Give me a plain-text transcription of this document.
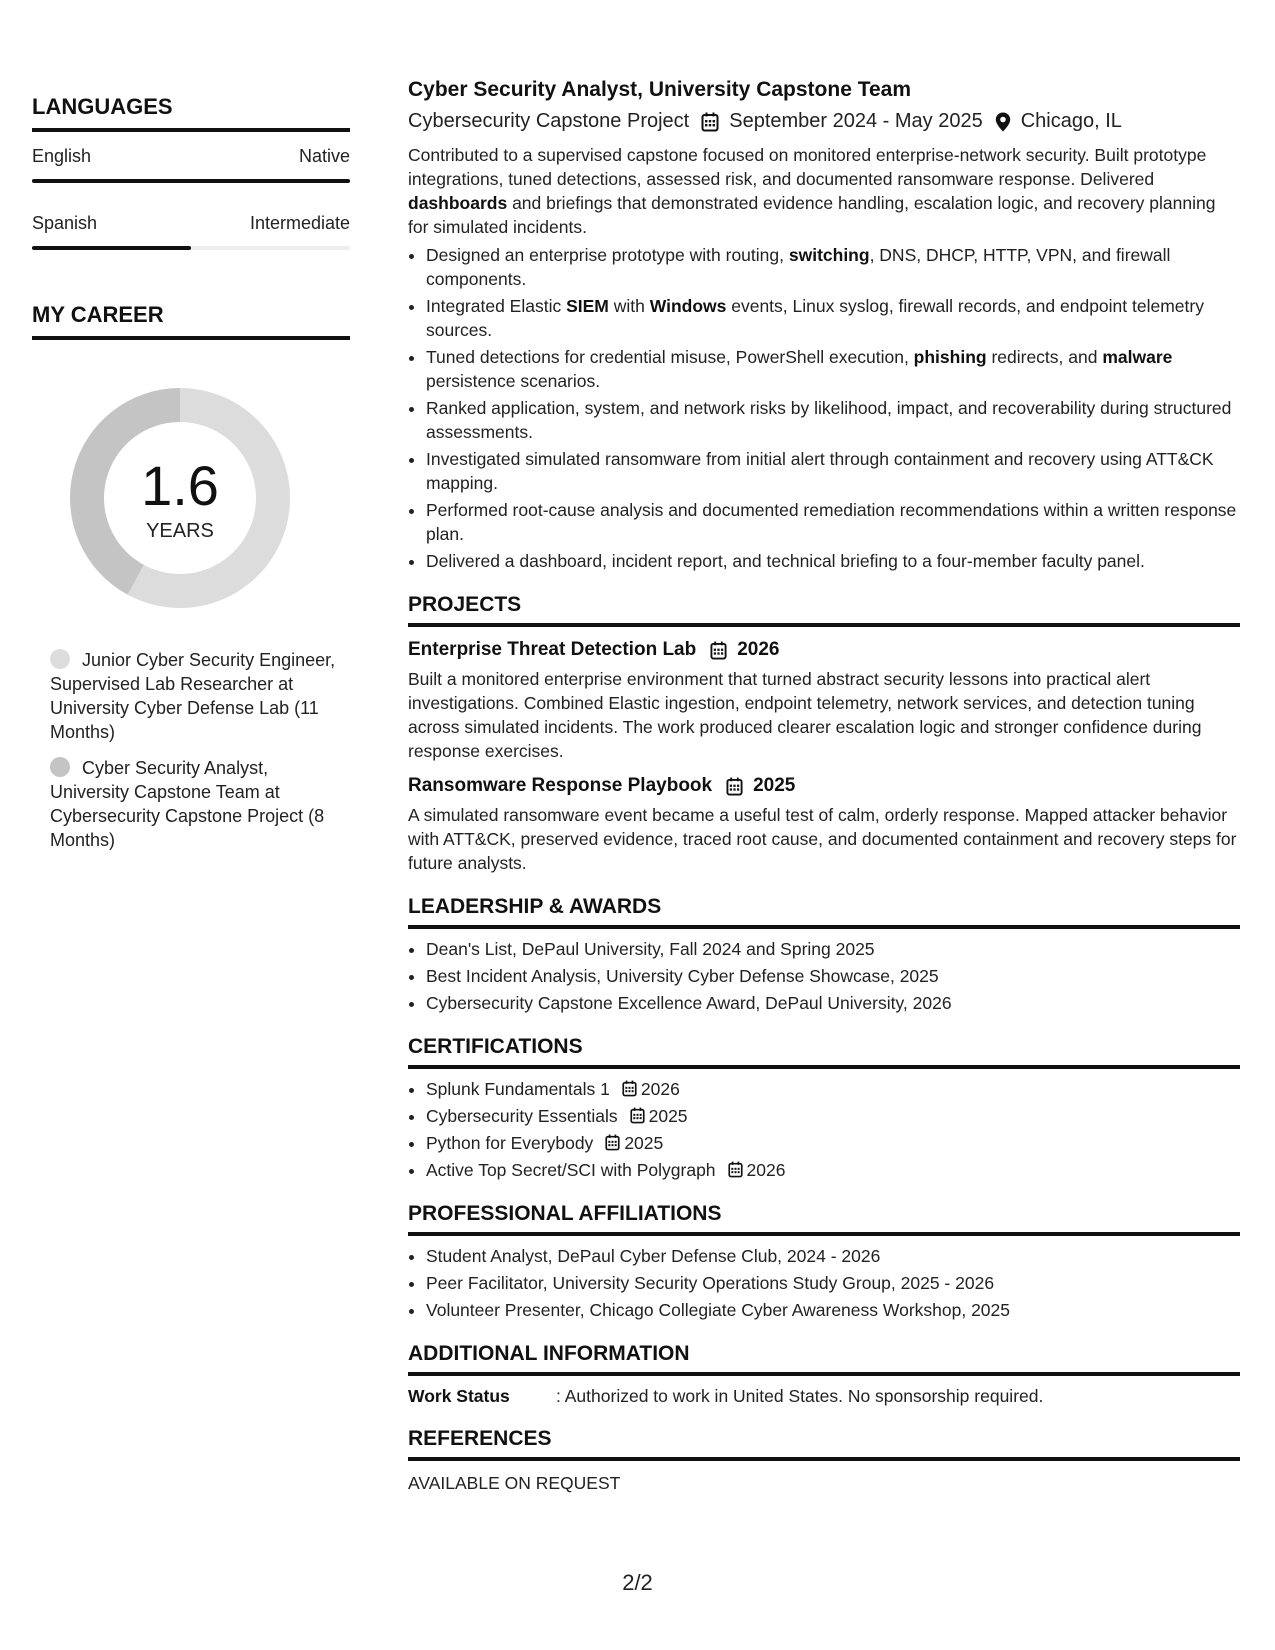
LANGUAGES
English	Native
Spanish	Intermediate
MY CAREER
1.6
YEARS
Junior Cyber Security Engineer, Supervised Lab Researcher at University Cyber Defense Lab (11 Months)
Cyber Security Analyst, University Capstone Team at Cybersecurity Capstone Project (8 Months)
Cyber Security Analyst, University Capstone Team
Cybersecurity Capstone Project September 2024 - May 2025 Chicago, IL
Contributed to a supervised capstone focused on monitored enterprise-network security. Built prototype integrations, tuned detections, assessed risk, and documented ransomware response. Delivered dashboards and briefings that demonstrated evidence handling, escalation logic, and recovery planning for simulated incidents.
• Designed an enterprise prototype with routing, switching, DNS, DHCP, HTTP, VPN, and firewall components.
• Integrated Elastic SIEM with Windows events, Linux syslog, firewall records, and endpoint telemetry sources.
• Tuned detections for credential misuse, PowerShell execution, phishing redirects, and malware persistence scenarios.
• Ranked application, system, and network risks by likelihood, impact, and recoverability during structured assessments.
• Investigated simulated ransomware from initial alert through containment and recovery using ATT&CK mapping.
• Performed root-cause analysis and documented remediation recommendations within a written response plan.
• Delivered a dashboard, incident report, and technical briefing to a four-member faculty panel.
PROJECTS
Enterprise Threat Detection Lab 2026
Built a monitored enterprise environment that turned abstract security lessons into practical alert investigations. Combined Elastic ingestion, endpoint telemetry, network services, and detection tuning across simulated incidents. The work produced clearer escalation logic and stronger confidence during response exercises.
Ransomware Response Playbook 2025
A simulated ransomware event became a useful test of calm, orderly response. Mapped attacker behavior with ATT&CK, preserved evidence, traced root cause, and documented containment and recovery steps for future analysts.
LEADERSHIP & AWARDS
• Dean's List, DePaul University, Fall 2024 and Spring 2025
• Best Incident Analysis, University Cyber Defense Showcase, 2025
• Cybersecurity Capstone Excellence Award, DePaul University, 2026
CERTIFICATIONS
• Splunk Fundamentals 1 2026
• Cybersecurity Essentials 2025
• Python for Everybody 2025
• Active Top Secret/SCI with Polygraph 2026
PROFESSIONAL AFFILIATIONS
• Student Analyst, DePaul Cyber Defense Club, 2024 - 2026
• Peer Facilitator, University Security Operations Study Group, 2025 - 2026
• Volunteer Presenter, Chicago Collegiate Cyber Awareness Workshop, 2025
ADDITIONAL INFORMATION
Work Status	: Authorized to work in United States. No sponsorship required.
REFERENCES
AVAILABLE ON REQUEST
2/2
